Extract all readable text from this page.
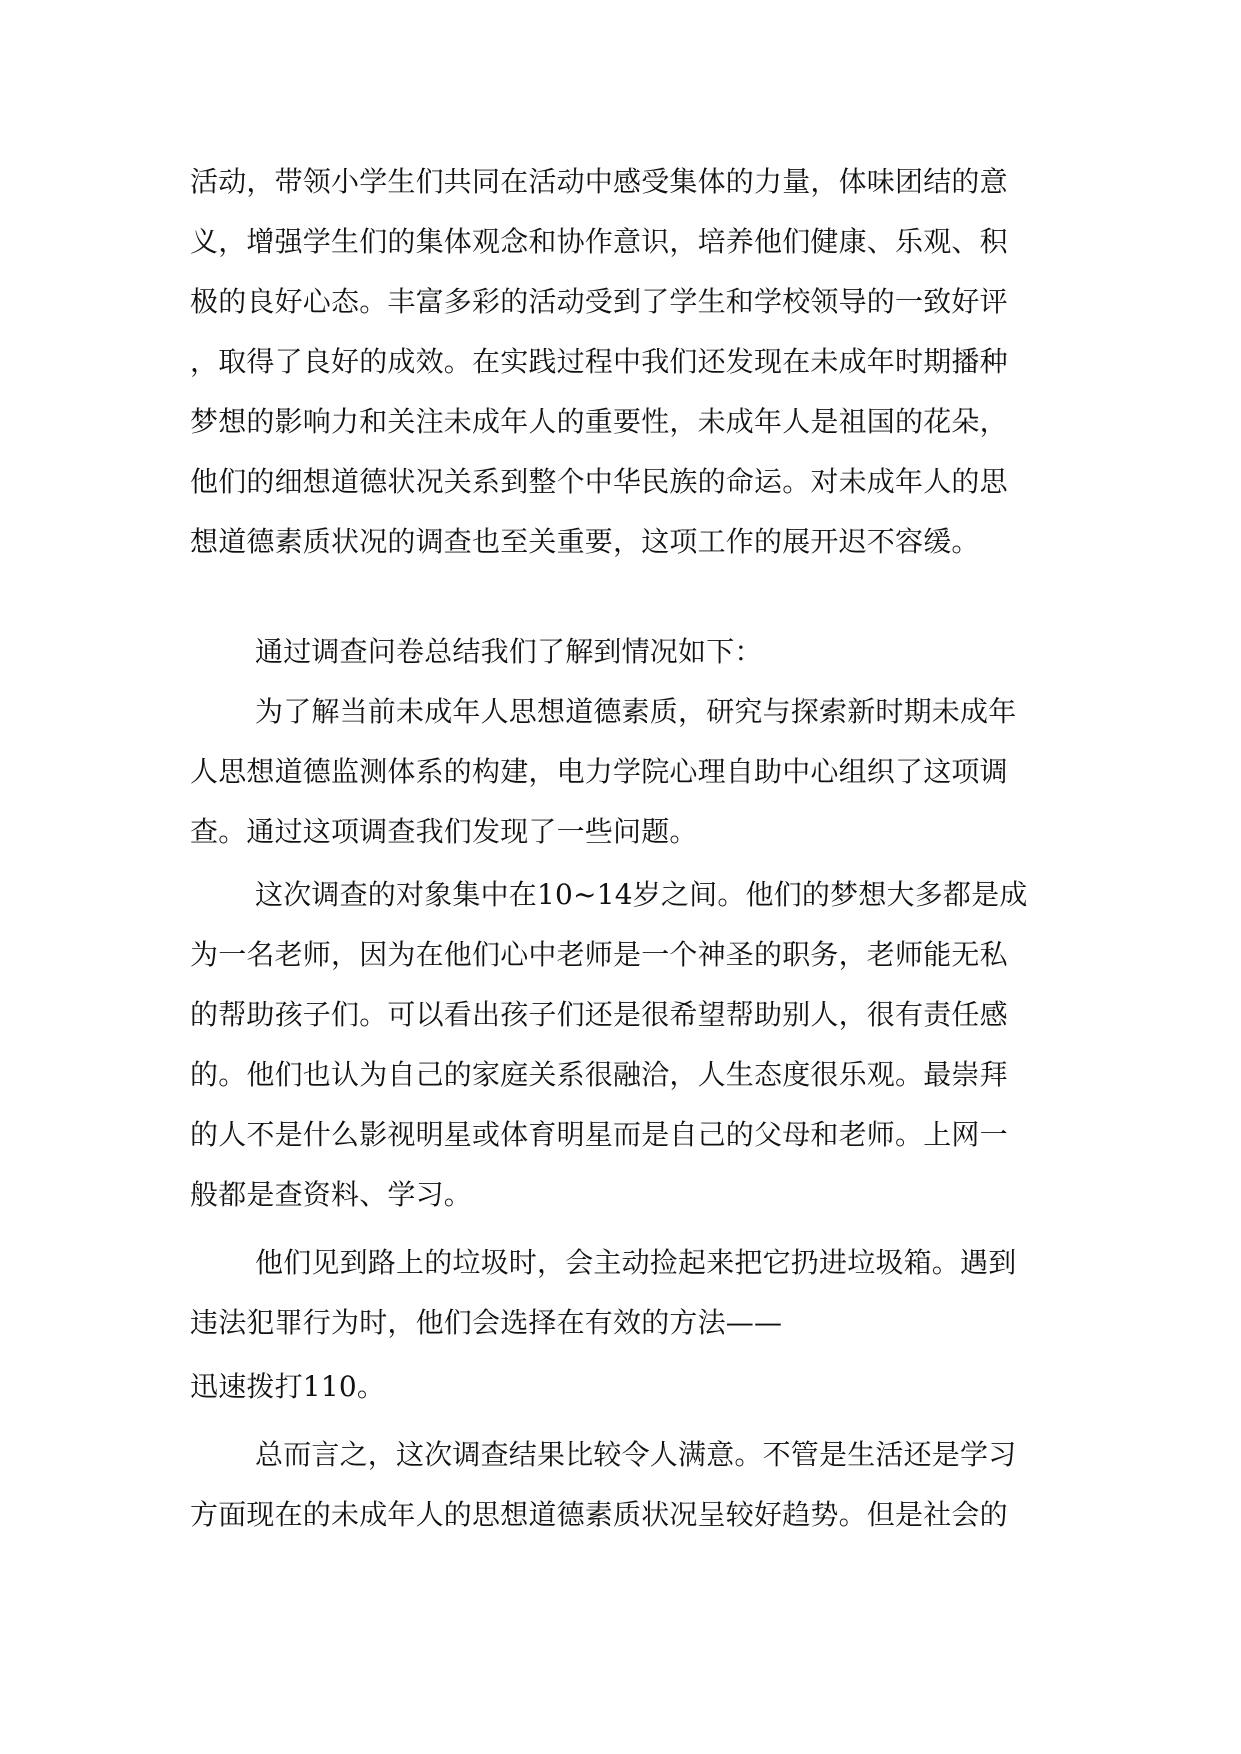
活动，带领小学生们共同在活动中感受集体的力量，体味团结的意
义，增强学生们的集体观念和协作意识，培养他们健康、乐观、积
极的良好心态。丰富多彩的活动受到了学生和学校领导的一致好评
，取得了良好的成效。在实践过程中我们还发现在未成年时期播种
梦想的影响力和关注未成年人的重要性，未成年人是祖国的花朵，
他们的细想道德状况关系到整个中华民族的命运。对未成年人的思
想道德素质状况的调查也至关重要，这项工作的展开迟不容缓。
通过调查问卷总结我们了解到情况如下：
为了解当前未成年人思想道德素质，研究与探索新时期未成年
人思想道德监测体系的构建，电力学院心理自助中心组织了这项调
查。通过这项调查我们发现了一些问题。
这次调查的对象集中在10~14岁之间。他们的梦想大多都是成
为一名老师，因为在他们心中老师是一个神圣的职务，老师能无私
的帮助孩子们。可以看出孩子们还是很希望帮助别人，很有责任感
的。他们也认为自己的家庭关系很融洽，人生态度很乐观。最崇拜
的人不是什么影视明星或体育明星而是自己的父母和老师。上网一
般都是查资料、学习。
他们见到路上的垃圾时，会主动捡起来把它扔进垃圾箱。遇到
违法犯罪行为时，他们会选择在有效的方法——
迅速拨打110。
总而言之，这次调查结果比较令人满意。不管是生活还是学习
方面现在的未成年人的思想道德素质状况呈较好趋势。但是社会的
